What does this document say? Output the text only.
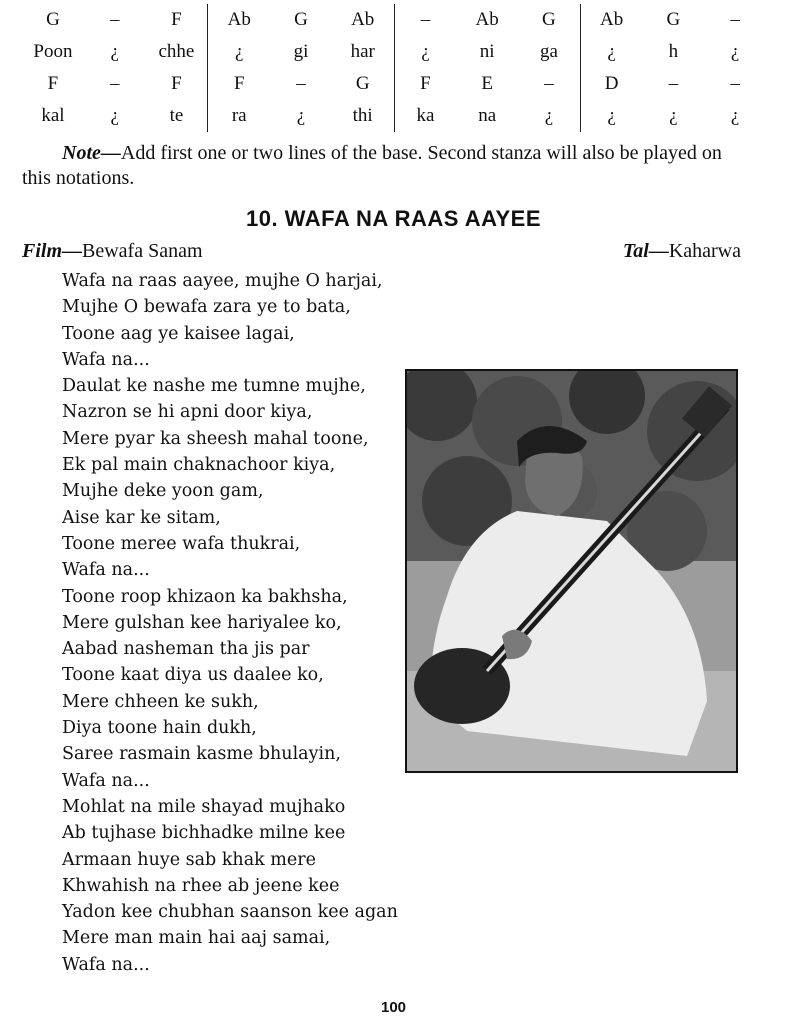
G	–	F	Ab	G	Ab	–	Ab	G	Ab	G	–
Poon	¿	chhe	¿	gi	har	¿	ni	ga	¿	h	¿
F	–	F	F	–	G	F	E	–	D	–	–
kal	¿	te	ra	¿	thi	ka	na	¿	¿	¿	¿

Note—Add first one or two lines of the base. Second stanza will also be played on this notations.

10. WAFA NA RAAS AAYEE
Film—Bewafa Sanam	Tal—Kaharwa
Wafa na raas aayee, mujhe O harjai,
Mujhe O bewafa zara ye to bata,
Toone aag ye kaisee lagai,
Wafa na...
Daulat ke nashe me tumne mujhe,
Nazron se hi apni door kiya,
Mere pyar ka sheesh mahal toone,
Ek pal main chaknachoor kiya,
Mujhe deke yoon gam,
Aise kar ke sitam,
Toone meree wafa thukrai,
Wafa na...
Toone roop khizaon ka bakhsha,
Mere gulshan kee hariyalee ko,
Aabad nasheman tha jis par
Toone kaat diya us daalee ko,
Mere chheen ke sukh,
Diya toone hain dukh,
Saree rasmain kasme bhulayin,
Wafa na...
Mohlat na mile shayad mujhako
Ab tujhase bichhadke milne kee
Armaan huye sab khak mere
Khwahish na rhee ab jeene kee
Yadon kee chubhan saanson kee agan
Mere man main hai aaj samai,
Wafa na...
100
